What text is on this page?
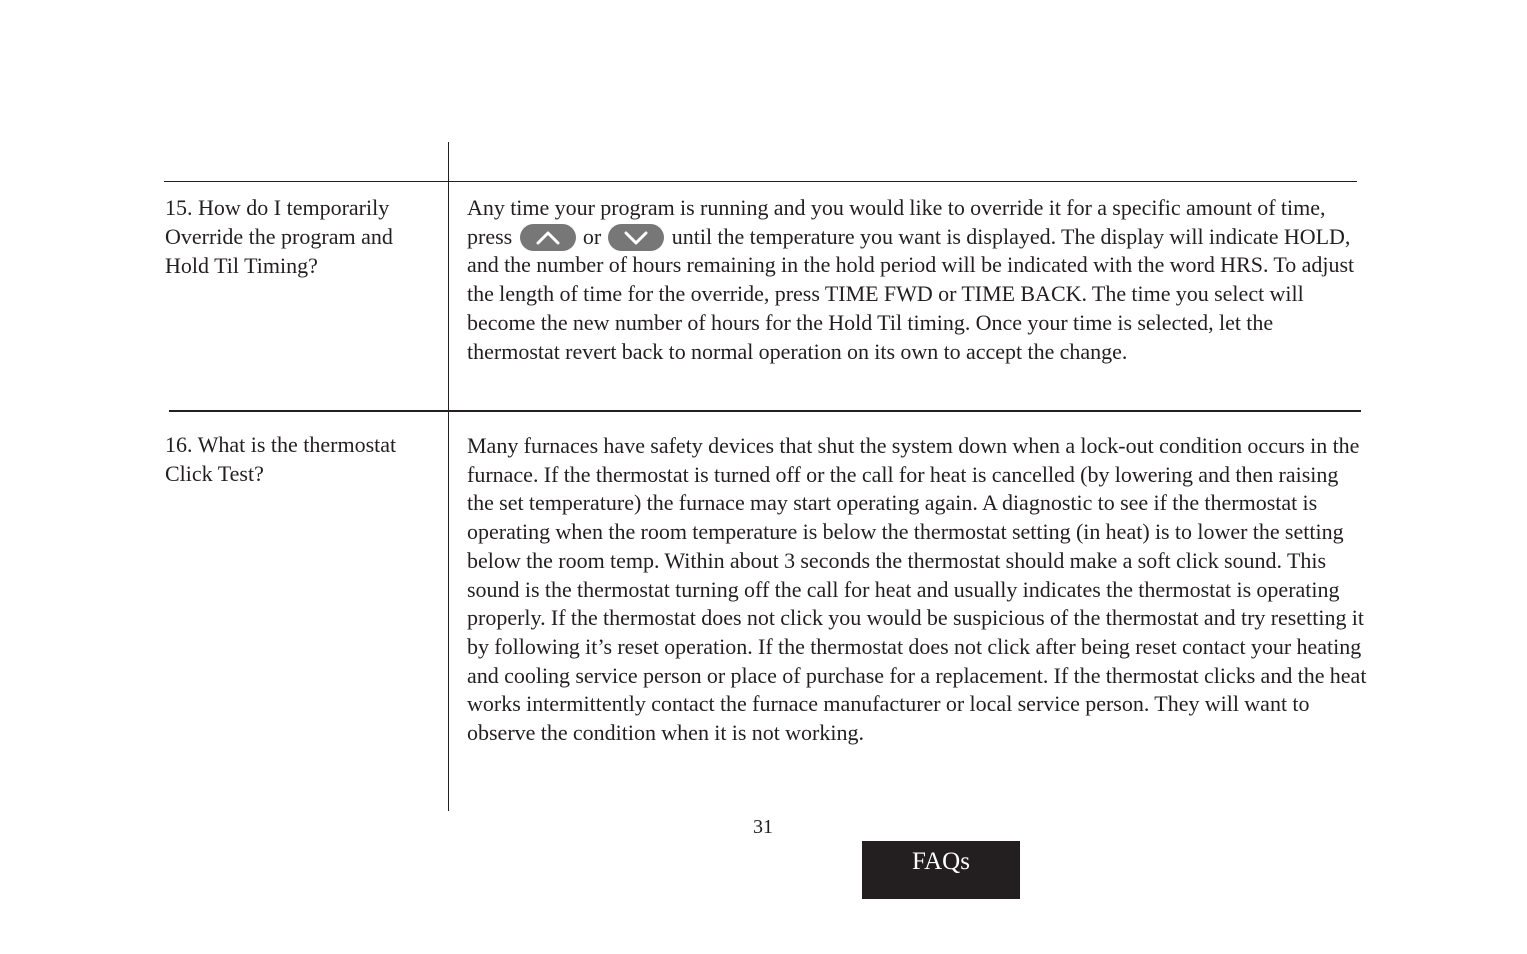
15. How do I temporarily Override the program and Hold Til Timing?
Any time your program is running and you would like to override it for a specific amount of time, press	or	until the temperature you want is displayed. The display will indicate HOLD, and the number of hours remaining in the hold period will be indicated with the word HRS. To adjust the length of time for the override, press TIME FWD or TIME BACK. The time you select will become the new number of hours for the Hold Til timing. Once your time is selected, let the thermostat revert back to normal operation on its own to accept the change.
16. What is the thermostat Click Test?
Many furnaces have safety devices that shut the system down when a lock-out condition occurs in the furnace. If the thermostat is turned off or the call for heat is cancelled (by lowering and then raising the set temperature) the furnace may start operating again. A diagnostic to see if the thermostat is operating when the room temperature is below the thermostat setting (in heat) is to lower the setting below the room temp. Within about 3 seconds the thermostat should make a soft click sound. This sound is the thermostat turning off the call for heat and usually indicates the thermostat is operating properly. If the thermostat does not click you would be suspicious of the thermostat and try resetting it by following it’s reset operation. If the thermostat does not click after being reset contact your heating and cooling service person or place of purchase for a replacement. If the thermostat clicks and the heat works intermittently contact the furnace manufacturer or local service person. They will want to observe the condition when it is not working.
31
FAQs
